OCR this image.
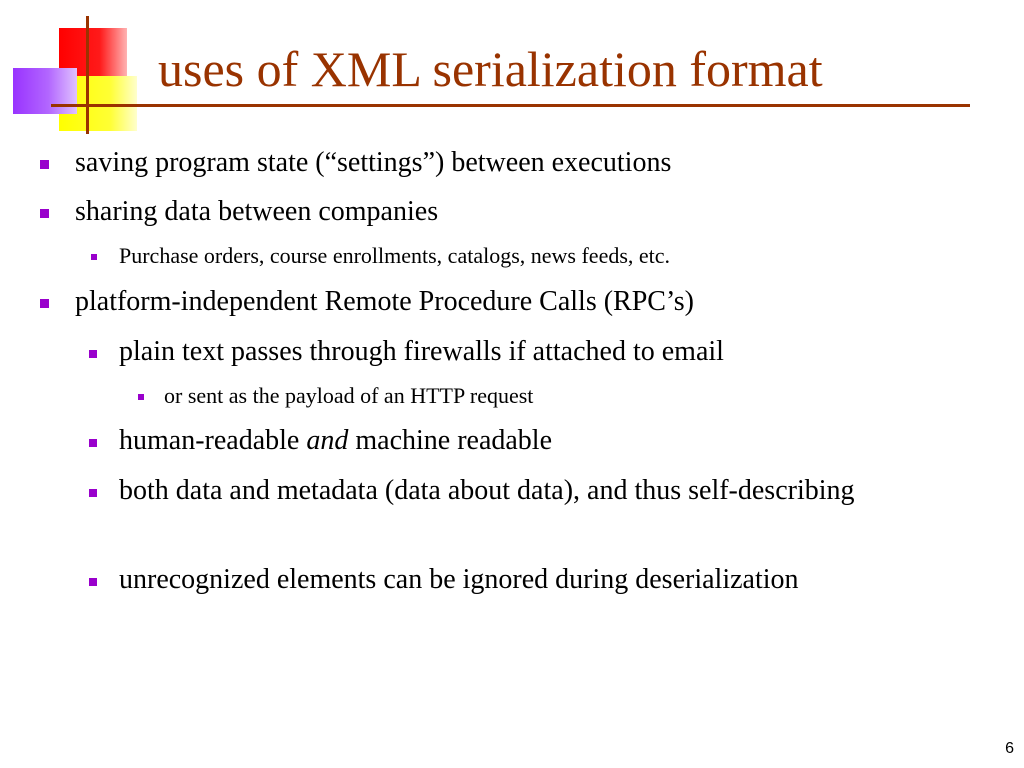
uses of XML serialization format
saving program state (“settings”) between executions
sharing data between companies
Purchase orders, course enrollments, catalogs, news feeds, etc.
platform-independent Remote Procedure Calls (RPC’s)
plain text passes through firewalls if attached to email
or sent as the payload of an HTTP request
human-readable and machine readable
both data and metadata (data about data), and thus self-describing
unrecognized elements can be ignored during deserialization
6
